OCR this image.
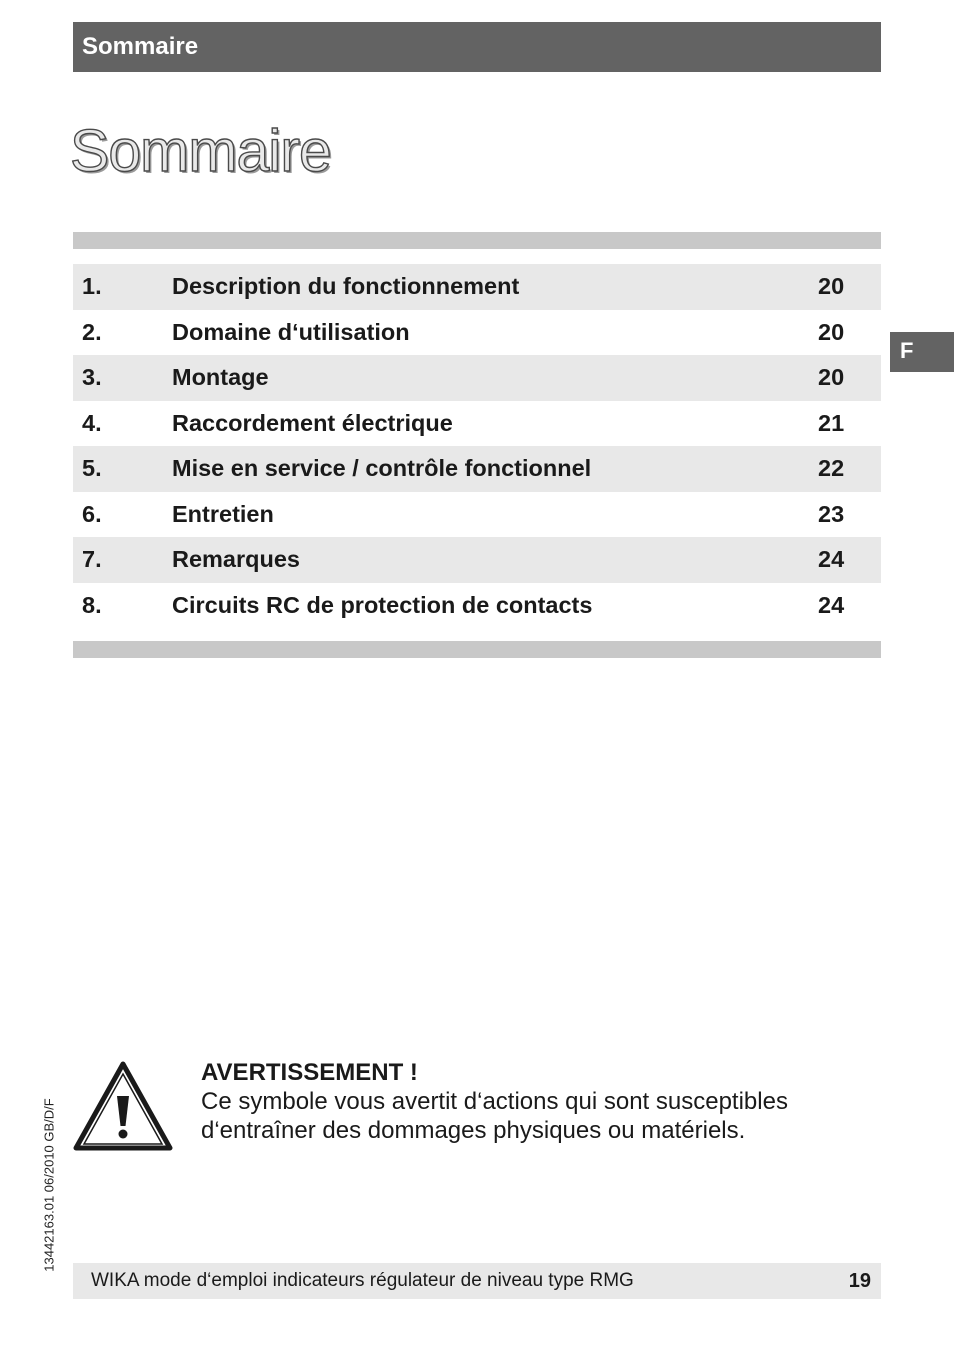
Sommaire
Sommaire
1.	Description du fonctionnement	20
2.	Domaine d‘utilisation	20
3.	Montage	20
4.	Raccordement électrique	21
5.	Mise en service / contrôle fonctionnel	22
6.	Entretien	23
7.	Remarques	24
8.	Circuits RC de protection de contacts	24
F
13442163.01 06/2010 GB/D/F
AVERTISSEMENT !
Ce symbole vous avertit d‘actions qui sont susceptibles
d‘entraîner des dommages physiques ou matériels.
WIKA mode d‘emploi indicateurs régulateur de niveau type RMG	19
